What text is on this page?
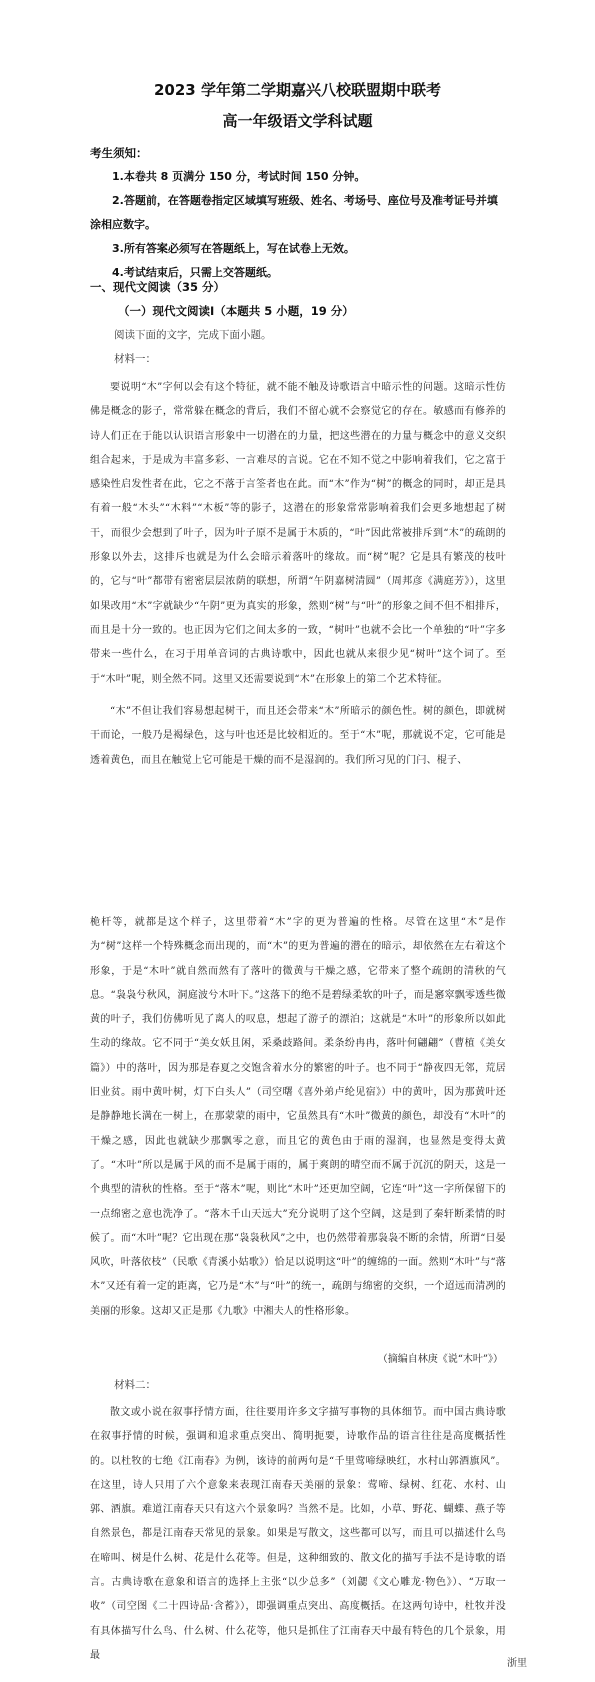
2023 学年第二学期嘉兴八校联盟期中联考
高一年级语文学科试题
考生须知：

1.本卷共 8 页满分 150 分，考试时间 150 分钟。

2.答题前，在答题卷指定区域填写班级、姓名、考场号、座位号及准考证号并填涂相应数字。

3.所有答案必须写在答题纸上，写在试卷上无效。

4.考试结束后，只需上交答题纸。

一、现代文阅读（35 分）
（一）现代文阅读Ⅰ（本题共 5 小题，19 分）

阅读下面的文字，完成下面小题。

材料一：

要说明“木”字何以会有这个特征，就不能不触及诗歌语言中暗示性的问题。这暗示性仿佛是概念的影子，常常躲在概念的背后，我们不留心就不会察觉它的存在。敏感而有修养的诗人们正在于能以认识语言形象中一切潜在的力量，把这些潜在的力量与概念中的意义交织组合起来，于是成为丰富多彩、一言难尽的言说。它在不知不觉之中影响着我们，它之富于感染性启发性者在此，它之不落于言筌者也在此。而“木”作为“树”的概念的同时，却正是具有着一般“木头”“木料”“木板”等的影子，这潜在的形象常常影响着我们会更多地想起了树干，而很少会想到了叶子，因为叶子原不是属于木质的，“叶”因此常被排斥到“木”的疏朗的形象以外去，这排斥也就是为什么会暗示着落叶的缘故。而“树”呢？它是具有繁茂的枝叶的，它与“叶”都带有密密层层浓荫的联想，所谓“午阴嘉树清圆”（周邦彦《满庭芳》），这里如果改用“木”字就缺少“午阴”更为真实的形象，然则“树”与“叶”的形象之间不但不相排斥，而且是十分一致的。也正因为它们之间太多的一致，“树叶”也就不会比一个单独的“叶”字多带来一些什么，在习于用单音词的古典诗歌中，因此也就从来很少见“树叶”这个词了。至于“木叶”呢，则全然不同。这里又还需要说到“木”在形象上的第二个艺术特征。

“木”不但让我们容易想起树干，而且还会带来“木”所暗示的颜色性。树的颜色，即就树干而论，一般乃是褐绿色，这与叶也还是比较相近的。至于“木”呢，那就说不定，它可能是透着黄色，而且在触觉上它可能是干燥的而不是湿润的。我们所习见的门闩、棍子、

桅杆等，就都是这个样子，这里带着“木”字的更为普遍的性格。尽管在这里“木”是作为“树”这样一个特殊概念而出现的，而“木”的更为普遍的潜在的暗示，却依然在左右着这个形象，于是“木叶”就自然而然有了落叶的微黄与干燥之感，它带来了整个疏朗的清秋的气息。“袅袅兮秋风，洞庭波兮木叶下。”这落下的绝不是碧绿柔软的叶子，而是窸窣飘零透些微黄的叶子，我们仿佛听见了离人的叹息，想起了游子的漂泊；这就是“木叶”的形象所以如此生动的缘故。它不同于“美女妖且闲，采桑歧路间。柔条纷冉冉，落叶何翩翩”（曹植《美女篇》）中的落叶，因为那是春夏之交饱含着水分的繁密的叶子。也不同于“静夜四无邻，荒居旧业贫。雨中黄叶树，灯下白头人”（司空曙《喜外弟卢纶见宿》）中的黄叶，因为那黄叶还是静静地长满在一树上，在那蒙蒙的雨中，它虽然具有“木叶”微黄的颜色，却没有“木叶”的干燥之感，因此也就缺少那飘零之意，而且它的黄色由于雨的湿润，也显然是变得太黄了。“木叶”所以是属于风的而不是属于雨的，属于爽朗的晴空而不属于沉沉的阴天，这是一个典型的清秋的性格。至于“落木”呢，则比“木叶”还更加空阔，它连“叶”这一字所保留下的一点绵密之意也洗净了。“落木千山天远大”充分说明了这个空阔，这是到了秦轩断柔情的时候了。而“木叶”呢？它出现在那“袅袅秋风”之中，也仍然带着那袅袅不断的余情，所谓“日晏风吹，叶落依枝”（民歌《青溪小姑歌》）恰足以说明这“叶”的缠绵的一面。然则“木叶”与“落木”又还有着一定的距离，它乃是“木”与“叶”的统一，疏朗与绵密的交织，一个迢远而清冽的美丽的形象。这却又正是那《九歌》中湘夫人的性格形象。

（摘编自林庚《说“木叶”》）

材料二：

散文或小说在叙事抒情方面，往往要用许多文字描写事物的具体细节。而中国古典诗歌在叙事抒情的时候，强调和追求重点突出、简明扼要，诗歌作品的语言往往是高度概括性的。以杜牧的七绝《江南春》为例，该诗的前两句是“千里莺啼绿映红，水村山郭酒旗风”。在这里，诗人只用了六个意象来表现江南春天美丽的景象：莺啼、绿树、红花、水村、山郭、酒旗。难道江南春天只有这六个景象吗？当然不是。比如，小草、野花、蝴蝶、燕子等自然景色，都是江南春天常见的景象。如果是写散文，这些都可以写，而且可以描述什么鸟在啼叫、树是什么树、花是什么花等。但是，这种细致的、散文化的描写手法不是诗歌的语言。古典诗歌在意象和语言的选择上主张“以少总多”（刘勰《文心雕龙·物色》）、“万取一收”（司空图《二十四诗品·含蓄》），即强调重点突出、高度概括。在这两句诗中，杜牧并没有具体描写什么鸟、什么树、什么花等，他只是抓住了江南春天中最有特色的几个景象，用最

浙里
